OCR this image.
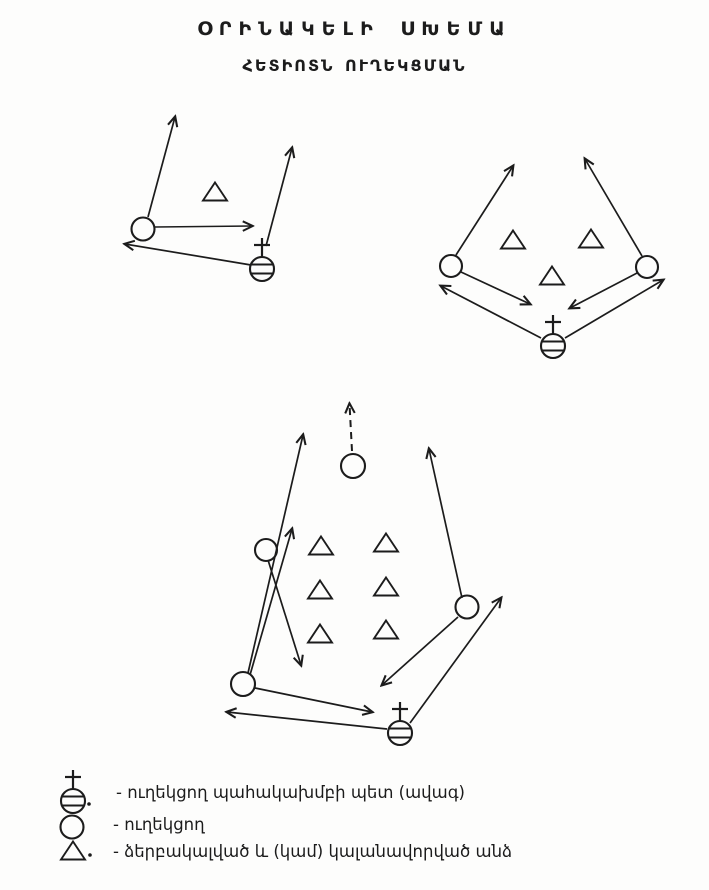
ՕՐԻՆԱԿԵԼԻ ՍԽԵՄԱ
ՀԵՏԻՈՏՆ ՈՒՂԵԿՑՄԱՆ
- ուղեկցող պահակախմբի պետ (ավագ)
- ուղեկցող
- ձերբակալված և (կամ) կալանավորված անձ
